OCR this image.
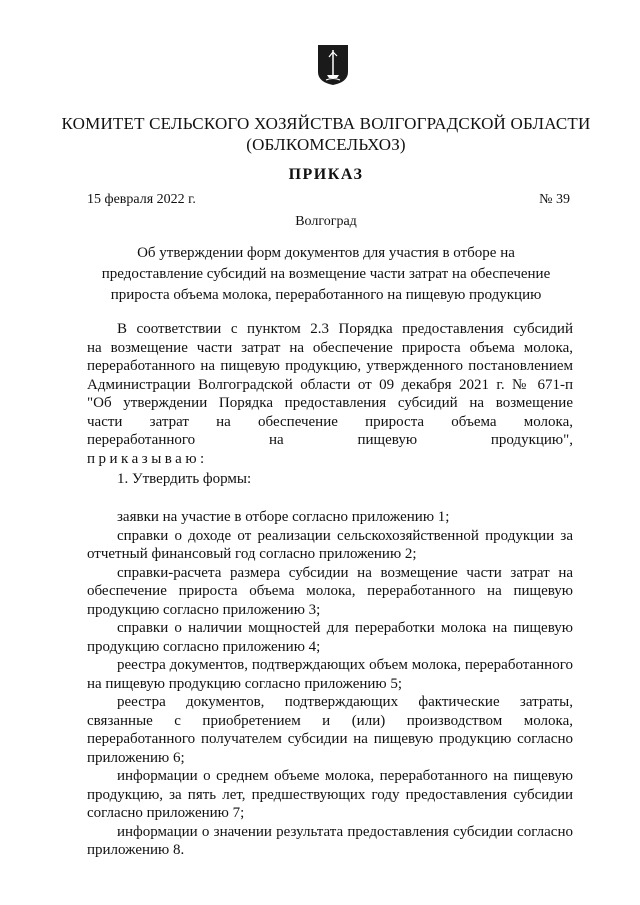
КОМИТЕТ СЕЛЬСКОГО ХОЗЯЙСТВА ВОЛГОГРАДСКОЙ ОБЛАСТИ
(ОБЛКОМСЕЛЬХОЗ)
ПРИКАЗ
15 февраля 2022 г.	№ 39
Волгоград
Об утверждении форм документов для участия в отборе на
предоставление субсидий на возмещение части затрат на обеспечение
прироста объема молока, переработанного на пищевую продукцию
В соответствии с пунктом 2.3 Порядка предоставления субсидий
на возмещение части затрат на обеспечение прироста объема молока,
переработанного на пищевую продукцию, утвержденного постановлением
Администрации Волгоградской области от 09 декабря 2021 г. № 671-п
"Об утверждении Порядка предоставления субсидий на возмещение
части затрат на обеспечение прироста объема молока,
переработанного на пищевую продукцию",
приказываю:
1. Утвердить формы:

заявки на участие в отборе согласно приложению 1;

справки о доходе от реализации сельскохозяйственной продукции за отчетный финансовый год согласно приложению 2;

справки-расчета размера субсидии на возмещение части затрат на обеспечение прироста объема молока, переработанного на пищевую продукцию согласно приложению 3;

справки о наличии мощностей для переработки молока на пищевую продукцию согласно приложению 4;

реестра документов, подтверждающих объем молока, переработанного на пищевую продукцию согласно приложению 5;

реестра документов, подтверждающих фактические затраты, связанные с приобретением и (или) производством молока, переработанного получателем субсидии на пищевую продукцию согласно приложению 6;

информации о среднем объеме молока, переработанного на пищевую продукцию, за пять лет, предшествующих году предоставления субсидии согласно приложению 7;

информации о значении результата предоставления субсидии согласно приложению 8.
